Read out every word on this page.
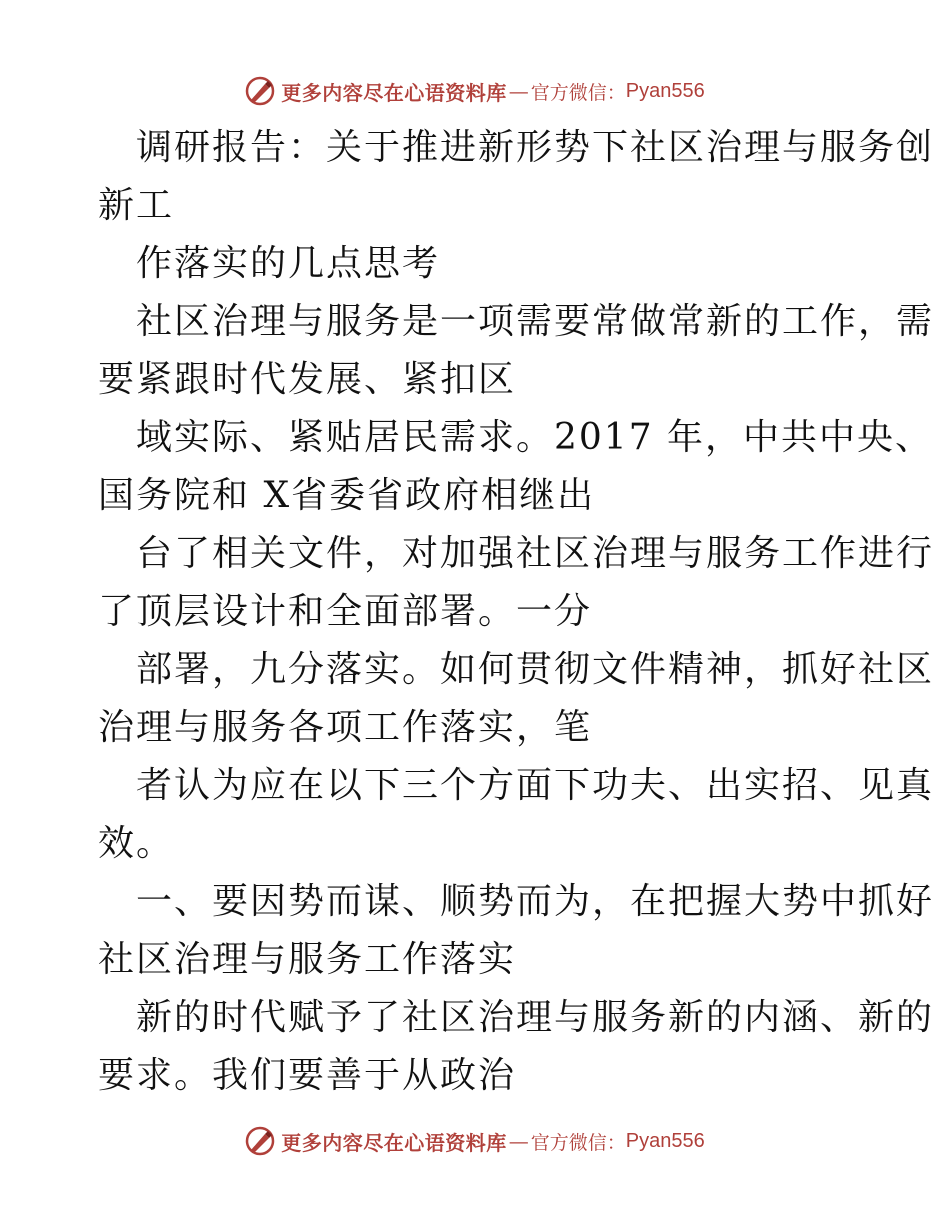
更多内容尽在心语资料库 — 官方微信： Pyan556
调研报告：关于推进新形势下社区治理与服务创
新工
作落实的几点思考
社区治理与服务是一项需要常做常新的工作，需
要紧跟时代发展、紧扣区
域实际、紧贴居民需求。2017 年，中共中央、
国务院和 X省委省政府相继出
台了相关文件，对加强社区治理与服务工作进行
了顶层设计和全面部署。一分
部署，九分落实。如何贯彻文件精神，抓好社区
治理与服务各项工作落实，笔
者认为应在以下三个方面下功夫、出实招、见真
效。
一、要因势而谋、顺势而为，在把握大势中抓好
社区治理与服务工作落实
新的时代赋予了社区治理与服务新的内涵、新的
要求。我们要善于从政治
更多内容尽在心语资料库 — 官方微信： Pyan556
